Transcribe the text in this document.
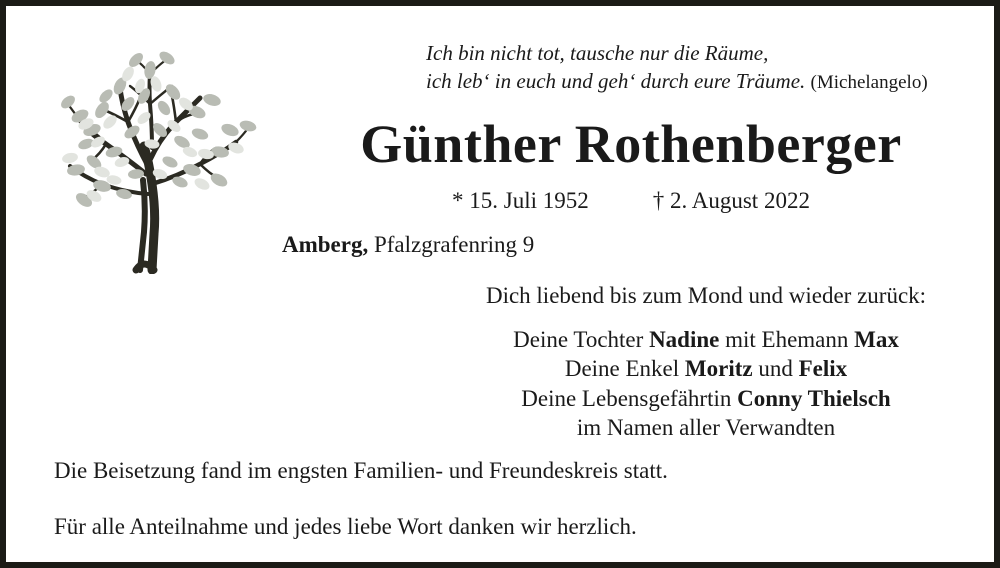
Ich bin nicht tot, tausche nur die Räume,
ich leb‘ in euch und geh‘ durch eure Träume. (Michelangelo)
Günther Rothenberger
* 15. Juli 1952	† 2. August 2022
Amberg, Pfalzgrafenring 9
Dich liebend bis zum Mond und wieder zurück:
Deine Tochter Nadine mit Ehemann Max
Deine Enkel Moritz und Felix
Deine Lebensgefährtin Conny Thielsch
im Namen aller Verwandten
Die Beisetzung fand im engsten Familien- und Freundeskreis statt.
Für alle Anteilnahme und jedes liebe Wort danken wir herzlich.
